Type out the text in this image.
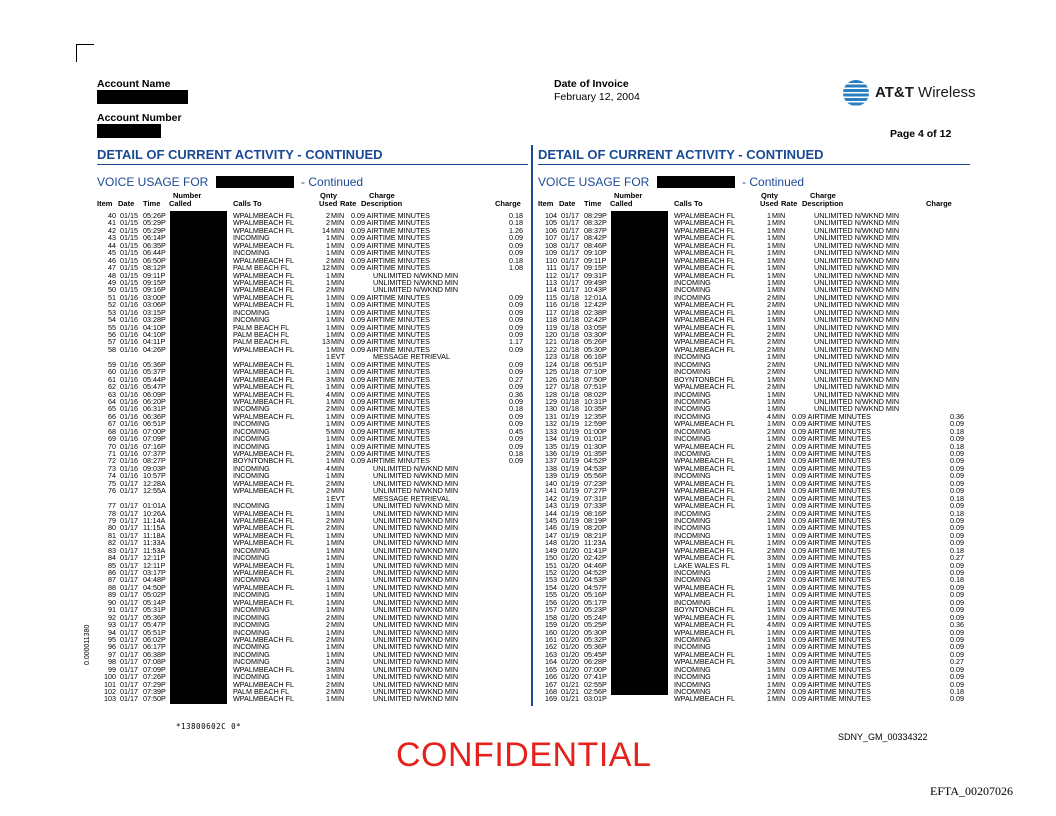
Account Name
Account Number
Date of Invoice
February 12, 2004	AT&T Wireless
Page 4 of 12
DETAIL OF CURRENT ACTIVITY - CONTINUED	DETAIL OF CURRENT ACTIVITY - CONTINUED
VOICE USAGE FOR	- Continued	VOICE USAGE FOR	- Continued
Number	Qnty	Charge
Item Date Time Called	Calls To	Used Rate Description	Charge
Number	Qnty	Charge
Item Date Time Called	Calls To	Used Rate Description	Charge
40 01/15 05:26P	WPALMBEACH FL	2 MIN 0.09 AIRTIME MINUTES	0.18
41 01/15 05:29P	WPALMBEACH FL	2 MIN 0.09 AIRTIME MINUTES	0.18
42 01/15 05:29P	WPALMBEACH FL	14 MIN 0.09 AIRTIME MINUTES	1.26
43 01/15 06:14P	INCOMING	1 MIN 0.09 AIRTIME MINUTES	0.09
44 01/15 06:35P	WPALMBEACH FL	1 MIN 0.09 AIRTIME MINUTES	0.09
45 01/15 06:44P	INCOMING	1 MIN 0.09 AIRTIME MINUTES	0.09
46 01/15 06:50P	WPALMBEACH FL	2 MIN 0.09 AIRTIME MINUTES	0.18
47 01/15 08:12P	PALM BEACH FL	12 MIN 0.09 AIRTIME MINUTES	1.08
48 01/15 09:11P	WPALMBEACH FL	1 MIN	UNLIMITED N/WKND MIN
49 01/15 09:15P	WPALMBEACH FL	1 MIN	UNLIMITED N/WKND MIN
50 01/15 09:16P	WPALMBEACH FL	2 MIN	UNLIMITED N/WKND MIN
51 01/16 03:00P	WPALMBEACH FL	1 MIN 0.09 AIRTIME MINUTES	0.09
52 01/16 03:06P	WPALMBEACH FL	1 MIN 0.09 AIRTIME MINUTES	0.09
53 01/16 03:15P	INCOMING	1 MIN 0.09 AIRTIME MINUTES	0.09
54 01/16 03:28P	INCOMING	1 MIN 0.09 AIRTIME MINUTES	0.09
55 01/16 04:10P	PALM BEACH FL	1 MIN 0.09 AIRTIME MINUTES	0.09
56 01/16 04:10P	PALM BEACH FL	1 MIN 0.09 AIRTIME MINUTES	0.09
57 01/16 04:11P	PALM BEACH FL	13 MIN 0.09 AIRTIME MINUTES	1.17
58 01/16 04:26P	WPALMBEACH FL	1 MIN 0.09 AIRTIME MINUTES	0.09
1 EVT	MESSAGE RETRIEVAL
59 01/16 05:36P	WPALMBEACH FL	1 MIN 0.09 AIRTIME MINUTES	0.09
60 01/16 05:37P	WPALMBEACH FL	1 MIN 0.09 AIRTIME MINUTES	0.09
61 01/16 05:44P	WPALMBEACH FL	3 MIN 0.09 AIRTIME MINUTES	0.27
62 01/16 05:47P	WPALMBEACH FL	1 MIN 0.09 AIRTIME MINUTES	0.09
63 01/16 06:09P	WPALMBEACH FL	4 MIN 0.09 AIRTIME MINUTES	0.36
64 01/16 06:20P	WPALMBEACH FL	1 MIN 0.09 AIRTIME MINUTES	0.09
65 01/16 06:31P	INCOMING	2 MIN 0.09 AIRTIME MINUTES	0.18
66 01/16 06:36P	WPALMBEACH FL	1 MIN 0.09 AIRTIME MINUTES	0.09
67 01/16 06:51P	INCOMING	1 MIN 0.09 AIRTIME MINUTES	0.09
68 01/16 07:00P	INCOMING	5 MIN 0.09 AIRTIME MINUTES	0.45
69 01/16 07:09P	INCOMING	1 MIN 0.09 AIRTIME MINUTES	0.09
70 01/16 07:16P	INCOMING	1 MIN 0.09 AIRTIME MINUTES	0.09
71 01/16 07:37P	WPALMBEACH FL	2 MIN 0.09 AIRTIME MINUTES	0.18
72 01/16 08:27P	BOYNTONBCH FL	1 MIN 0.09 AIRTIME MINUTES	0.09
73 01/16 09:03P	INCOMING	4 MIN	UNLIMITED N/WKND MIN
74 01/16 10:57P	INCOMING	1 MIN	UNLIMITED N/WKND MIN
75 01/17 12:28A	WPALMBEACH FL	2 MIN	UNLIMITED N/WKND MIN
76 01/17 12:55A	WPALMBEACH FL	2 MIN	UNLIMITED N/WKND MIN
1 EVT	MESSAGE RETRIEVAL
77 01/17 01:01A	INCOMING	1 MIN	UNLIMITED N/WKND MIN
78 01/17 10:26A	WPALMBEACH FL	1 MIN	UNLIMITED N/WKND MIN
79 01/17 11:14A	WPALMBEACH FL	2 MIN	UNLIMITED N/WKND MIN
80 01/17 11:15A	WPALMBEACH FL	2 MIN	UNLIMITED N/WKND MIN
81 01/17 11:18A	WPALMBEACH FL	1 MIN	UNLIMITED N/WKND MIN
82 01/17 11:33A	WPALMBEACH FL	1 MIN	UNLIMITED N/WKND MIN
83 01/17 11:53A	INCOMING	1 MIN	UNLIMITED N/WKND MIN
84 01/17 12:11P	INCOMING	1 MIN	UNLIMITED N/WKND MIN
85 01/17 12:11P	WPALMBEACH FL	1 MIN	UNLIMITED N/WKND MIN
86 01/17 03:17P	WPALMBEACH FL	2 MIN	UNLIMITED N/WKND MIN
87 01/17 04:48P	INCOMING	1 MIN	UNLIMITED N/WKND MIN
88 01/17 04:50P	WPALMBEACH FL	1 MIN	UNLIMITED N/WKND MIN
89 01/17 05:02P	INCOMING	1 MIN	UNLIMITED N/WKND MIN
90 01/17 05:14P	WPALMBEACH FL	1 MIN	UNLIMITED N/WKND MIN
91 01/17 05:31P	INCOMING	1 MIN	UNLIMITED N/WKND MIN
92 01/17 05:36P	INCOMING	2 MIN	UNLIMITED N/WKND MIN
93 01/17 05:47P	INCOMING	2 MIN	UNLIMITED N/WKND MIN
94 01/17 05:51P	INCOMING	1 MIN	UNLIMITED N/WKND MIN
95 01/17 06:02P	WPALMBEACH FL	2 MIN	UNLIMITED N/WKND MIN
96 01/17 06:17P	INCOMING	1 MIN	UNLIMITED N/WKND MIN
97 01/17 06:38P	INCOMING	1 MIN	UNLIMITED N/WKND MIN
98 01/17 07:08P	INCOMING	1 MIN	UNLIMITED N/WKND MIN
99 01/17 07:09P	WPALMBEACH FL	3 MIN	UNLIMITED N/WKND MIN
100 01/17 07:26P	INCOMING	1 MIN	UNLIMITED N/WKND MIN
101 01/17 07:29P	WPALMBEACH FL	2 MIN	UNLIMITED N/WKND MIN
102 01/17 07:39P	PALM BEACH FL	2 MIN	UNLIMITED N/WKND MIN
103 01/17 07:50P	WPALMBEACH FL	1 MIN	UNLIMITED N/WKND MIN
104 01/17 08:29P	WPALMBEACH FL	1 MIN	UNLIMITED N/WKND MIN
105 01/17 08:32P	WPALMBEACH FL	1 MIN	UNLIMITED N/WKND MIN
106 01/17 08:37P	WPALMBEACH FL	1 MIN	UNLIMITED N/WKND MIN
107 01/17 08:42P	WPALMBEACH FL	1 MIN	UNLIMITED N/WKND MIN
108 01/17 08:46P	WPALMBEACH FL	1 MIN	UNLIMITED N/WKND MIN
109 01/17 09:10P	WPALMBEACH FL	1 MIN	UNLIMITED N/WKND MIN
110 01/17 09:11P	WPALMBEACH FL	1 MIN	UNLIMITED N/WKND MIN
111 01/17 09:15P	WPALMBEACH FL	1 MIN	UNLIMITED N/WKND MIN
112 01/17 09:31P	WPALMBEACH FL	1 MIN	UNLIMITED N/WKND MIN
113 01/17 09:49P	INCOMING	1 MIN	UNLIMITED N/WKND MIN
114 01/17 10:43P	INCOMING	1 MIN	UNLIMITED N/WKND MIN
115 01/18 12:01A	INCOMING	2 MIN	UNLIMITED N/WKND MIN
116 01/18 12:42P	WPALMBEACH FL	2 MIN	UNLIMITED N/WKND MIN
117 01/18 02:38P	WPALMBEACH FL	1 MIN	UNLIMITED N/WKND MIN
118 01/18 02:42P	WPALMBEACH FL	1 MIN	UNLIMITED N/WKND MIN
119 01/18 03:05P	WPALMBEACH FL	1 MIN	UNLIMITED N/WKND MIN
120 01/18 03:30P	WPALMBEACH FL	2 MIN	UNLIMITED N/WKND MIN
121 01/18 05:26P	WPALMBEACH FL	2 MIN	UNLIMITED N/WKND MIN
122 01/18 05:30P	WPALMBEACH FL	2 MIN	UNLIMITED N/WKND MIN
123 01/18 06:16P	INCOMING	1 MIN	UNLIMITED N/WKND MIN
124 01/18 06:51P	INCOMING	2 MIN	UNLIMITED N/WKND MIN
125 01/18 07:10P	INCOMING	2 MIN	UNLIMITED N/WKND MIN
126 01/18 07:50P	BOYNTONBCH FL	1 MIN	UNLIMITED N/WKND MIN
127 01/18 07:51P	WPALMBEACH FL	2 MIN	UNLIMITED N/WKND MIN
128 01/18 08:02P	INCOMING	1 MIN	UNLIMITED N/WKND MIN
129 01/18 10:31P	INCOMING	1 MIN	UNLIMITED N/WKND MIN
130 01/18 10:35P	INCOMING	1 MIN	UNLIMITED N/WKND MIN
131 01/19 12:35P	INCOMING	4 MIN 0.09 AIRTIME MINUTES	0.36
132 01/19 12:59P	WPALMBEACH FL	1 MIN 0.09 AIRTIME MINUTES	0.09
133 01/19 01:00P	INCOMING	2 MIN 0.09 AIRTIME MINUTES	0.18
134 01/19 01:01P	INCOMING	1 MIN 0.09 AIRTIME MINUTES	0.09
135 01/19 01:30P	WPALMBEACH FL	2 MIN 0.09 AIRTIME MINUTES	0.18
136 01/19 01:35P	INCOMING	1 MIN 0.09 AIRTIME MINUTES	0.09
137 01/19 04:52P	WPALMBEACH FL	1 MIN 0.09 AIRTIME MINUTES	0.09
138 01/19 04:53P	WPALMBEACH FL	1 MIN 0.09 AIRTIME MINUTES	0.09
139 01/19 05:56P	INCOMING	1 MIN 0.09 AIRTIME MINUTES	0.09
140 01/19 07:23P	WPALMBEACH FL	1 MIN 0.09 AIRTIME MINUTES	0.09
141 01/19 07:27P	WPALMBEACH FL	1 MIN 0.09 AIRTIME MINUTES	0.09
142 01/19 07:31P	WPALMBEACH FL	2 MIN 0.09 AIRTIME MINUTES	0.18
143 01/19 07:33P	WPALMBEACH FL	1 MIN 0.09 AIRTIME MINUTES	0.09
144 01/19 08:16P	INCOMING	2 MIN 0.09 AIRTIME MINUTES	0.18
145 01/19 08:19P	INCOMING	1 MIN 0.09 AIRTIME MINUTES	0.09
146 01/19 08:20P	INCOMING	1 MIN 0.09 AIRTIME MINUTES	0.09
147 01/19 08:21P	INCOMING	1 MIN 0.09 AIRTIME MINUTES	0.09
148 01/20 11:23A	WPALMBEACH FL	1 MIN 0.09 AIRTIME MINUTES	0.09
149 01/20 01:41P	WPALMBEACH FL	2 MIN 0.09 AIRTIME MINUTES	0.18
150 01/20 02:42P	WPALMBEACH FL	3 MIN 0.09 AIRTIME MINUTES	0.27
151 01/20 04:46P	LAKE WALES FL	1 MIN 0.09 AIRTIME MINUTES	0.09
152 01/20 04:52P	INCOMING	1 MIN 0.09 AIRTIME MINUTES	0.09
153 01/20 04:53P	INCOMING	2 MIN 0.09 AIRTIME MINUTES	0.18
154 01/20 04:57P	WPALMBEACH FL	1 MIN 0.09 AIRTIME MINUTES	0.09
155 01/20 05:16P	WPALMBEACH FL	1 MIN 0.09 AIRTIME MINUTES	0.09
156 01/20 05:17P	INCOMING	1 MIN 0.09 AIRTIME MINUTES	0.09
157 01/20 05:23P	BOYNTONBCH FL	1 MIN 0.09 AIRTIME MINUTES	0.09
158 01/20 05:24P	WPALMBEACH FL	1 MIN 0.09 AIRTIME MINUTES	0.09
159 01/20 05:25P	WPALMBEACH FL	4 MIN 0.09 AIRTIME MINUTES	0.36
160 01/20 05:30P	WPALMBEACH FL	1 MIN 0.09 AIRTIME MINUTES	0.09
161 01/20 05:32P	INCOMING	1 MIN 0.09 AIRTIME MINUTES	0.09
162 01/20 05:36P	INCOMING	1 MIN 0.09 AIRTIME MINUTES	0.09
163 01/20 05:45P	WPALMBEACH FL	1 MIN 0.09 AIRTIME MINUTES	0.09
164 01/20 06:28P	WPALMBEACH FL	3 MIN 0.09 AIRTIME MINUTES	0.27
165 01/20 07:00P	INCOMING	1 MIN 0.09 AIRTIME MINUTES	0.09
166 01/20 07:41P	INCOMING	1 MIN 0.09 AIRTIME MINUTES	0.09
167 01/21 02:55P	INCOMING	1 MIN 0.09 AIRTIME MINUTES	0.09
168 01/21 02:56P	INCOMING	2 MIN 0.09 AIRTIME MINUTES	0.18
169 01/21 03:01P	WPALMBEACH FL	1 MIN 0.09 AIRTIME MINUTES	0.09
0.000011380
*13800602C 0*
CONFIDENTIAL	SDNY_GM_00334322
EFTA_00207026
